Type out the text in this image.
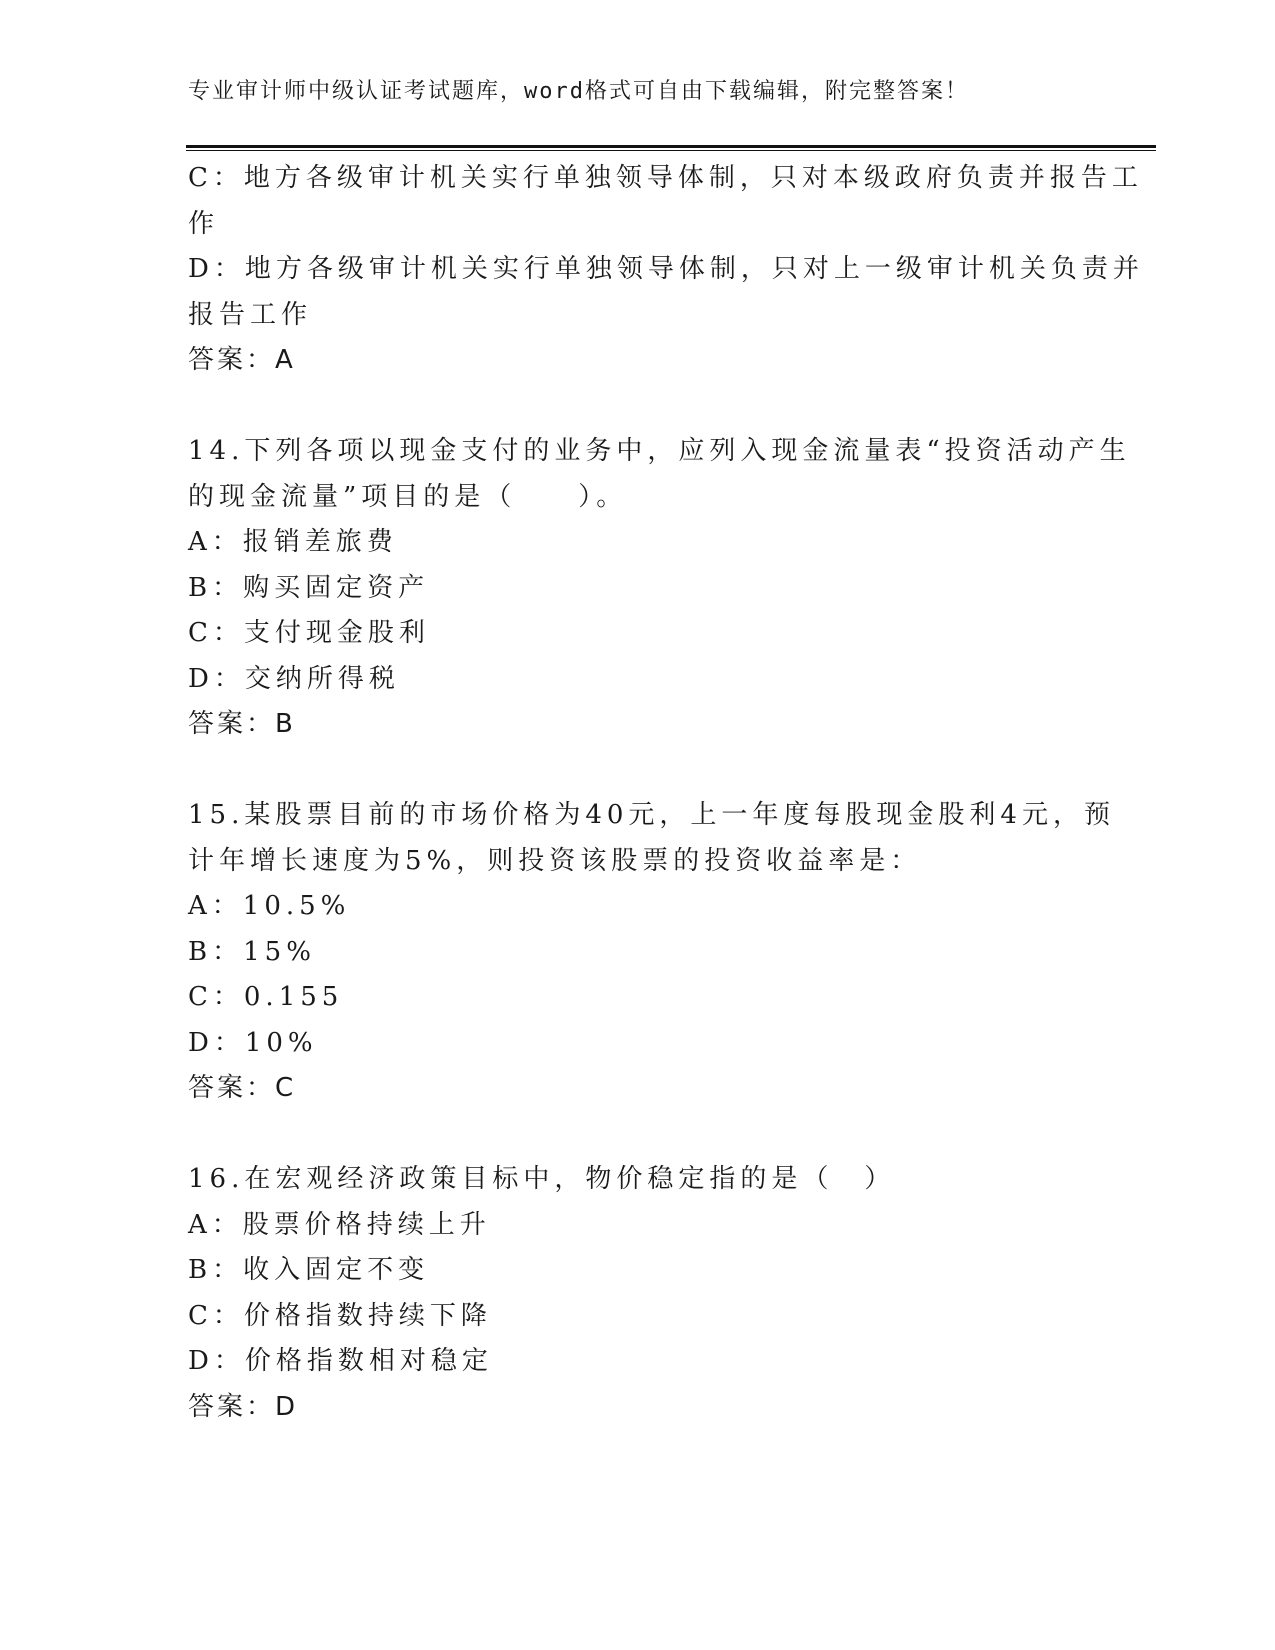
专业审计师中级认证考试题库，word格式可自由下载编辑，附完整答案！
C：地方各级审计机关实行单独领导体制，只对本级政府负责并报告工
作
D：地方各级审计机关实行单独领导体制，只对上一级审计机关负责并
报告工作
答案：A
14.下列各项以现金支付的业务中，应列入现金流量表“投资活动产生
的现金流量”项目的是（　　）。
A：报销差旅费
B：购买固定资产
C：支付现金股利
D：交纳所得税
答案：B
15.某股票目前的市场价格为40元，上一年度每股现金股利4元，预
计年增长速度为5%，则投资该股票的投资收益率是：
A：10.5%
B：15%
C：0.155
D：10%
答案：C
16.在宏观经济政策目标中，物价稳定指的是（　）
A：股票价格持续上升
B：收入固定不变
C：价格指数持续下降
D：价格指数相对稳定
答案：D
